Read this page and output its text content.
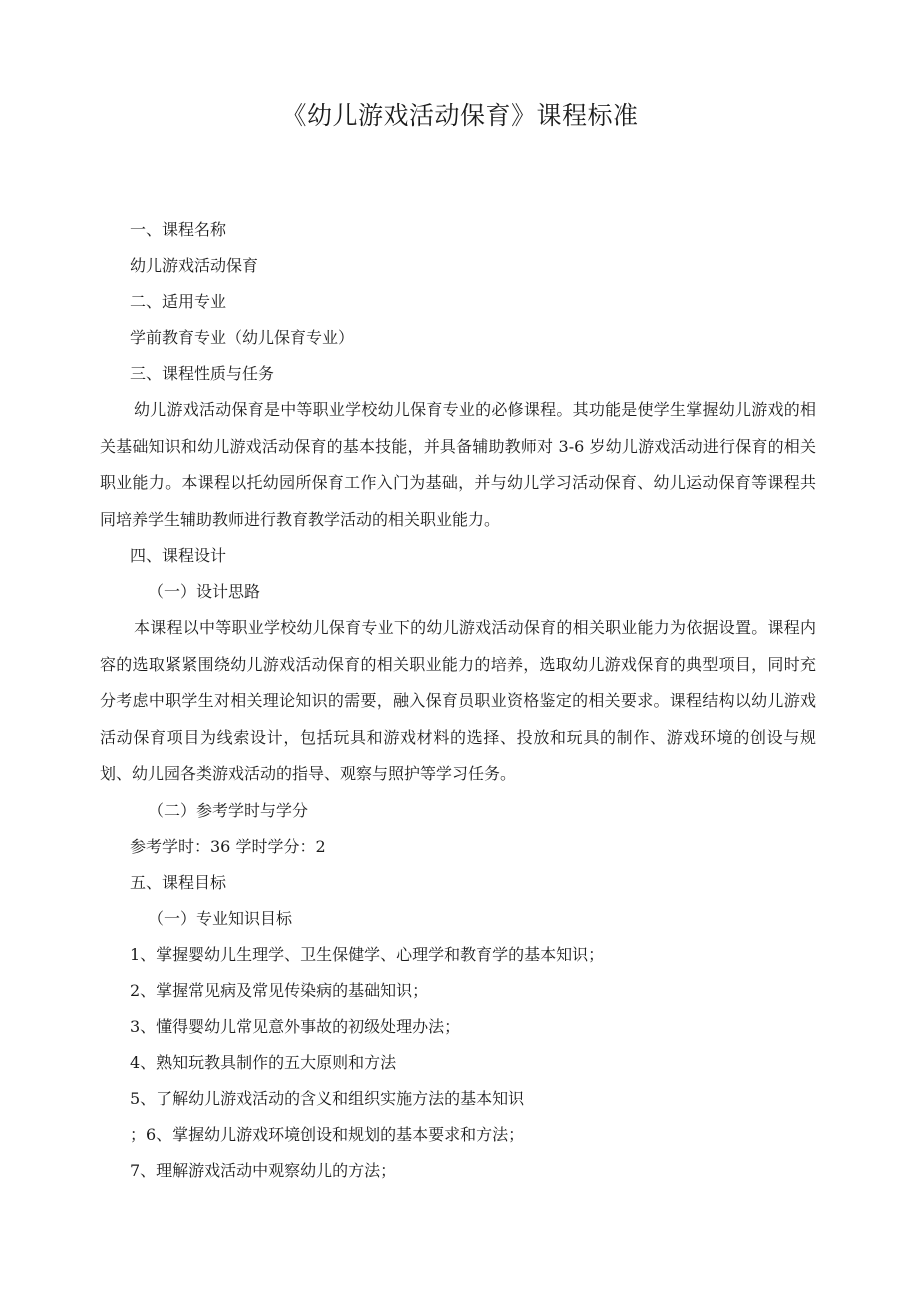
《幼儿游戏活动保育》课程标准

一、课程名称

幼儿游戏活动保育

二、适用专业

学前教育专业（幼儿保育专业）

三、课程性质与任务

幼儿游戏活动保育是中等职业学校幼儿保育专业的必修课程。其功能是使学生掌握幼儿游戏的相关基础知识和幼儿游戏活动保育的基本技能，并具备辅助教师对 3-6 岁幼儿游戏活动进行保育的相关职业能力。本课程以托幼园所保育工作入门为基础，并与幼儿学习活动保育、幼儿运动保育等课程共同培养学生辅助教师进行教育教学活动的相关职业能力。

四、课程设计

（一）设计思路

本课程以中等职业学校幼儿保育专业下的幼儿游戏活动保育的相关职业能力为依据设置。课程内容的选取紧紧围绕幼儿游戏活动保育的相关职业能力的培养，选取幼儿游戏保育的典型项目，同时充分考虑中职学生对相关理论知识的需要，融入保育员职业资格鉴定的相关要求。课程结构以幼儿游戏活动保育项目为线索设计，包括玩具和游戏材料的选择、投放和玩具的制作、游戏环境的创设与规划、幼儿园各类游戏活动的指导、观察与照护等学习任务。

（二）参考学时与学分

参考学时：36 学时学分：2

五、课程目标

（一）专业知识目标

1、掌握婴幼儿生理学、卫生保健学、心理学和教育学的基本知识；

2、掌握常见病及常见传染病的基础知识；

3、懂得婴幼儿常见意外事故的初级处理办法；

4、熟知玩教具制作的五大原则和方法

5、了解幼儿游戏活动的含义和组织实施方法的基本知识

；6、掌握幼儿游戏环境创设和规划的基本要求和方法；

7、理解游戏活动中观察幼儿的方法；
